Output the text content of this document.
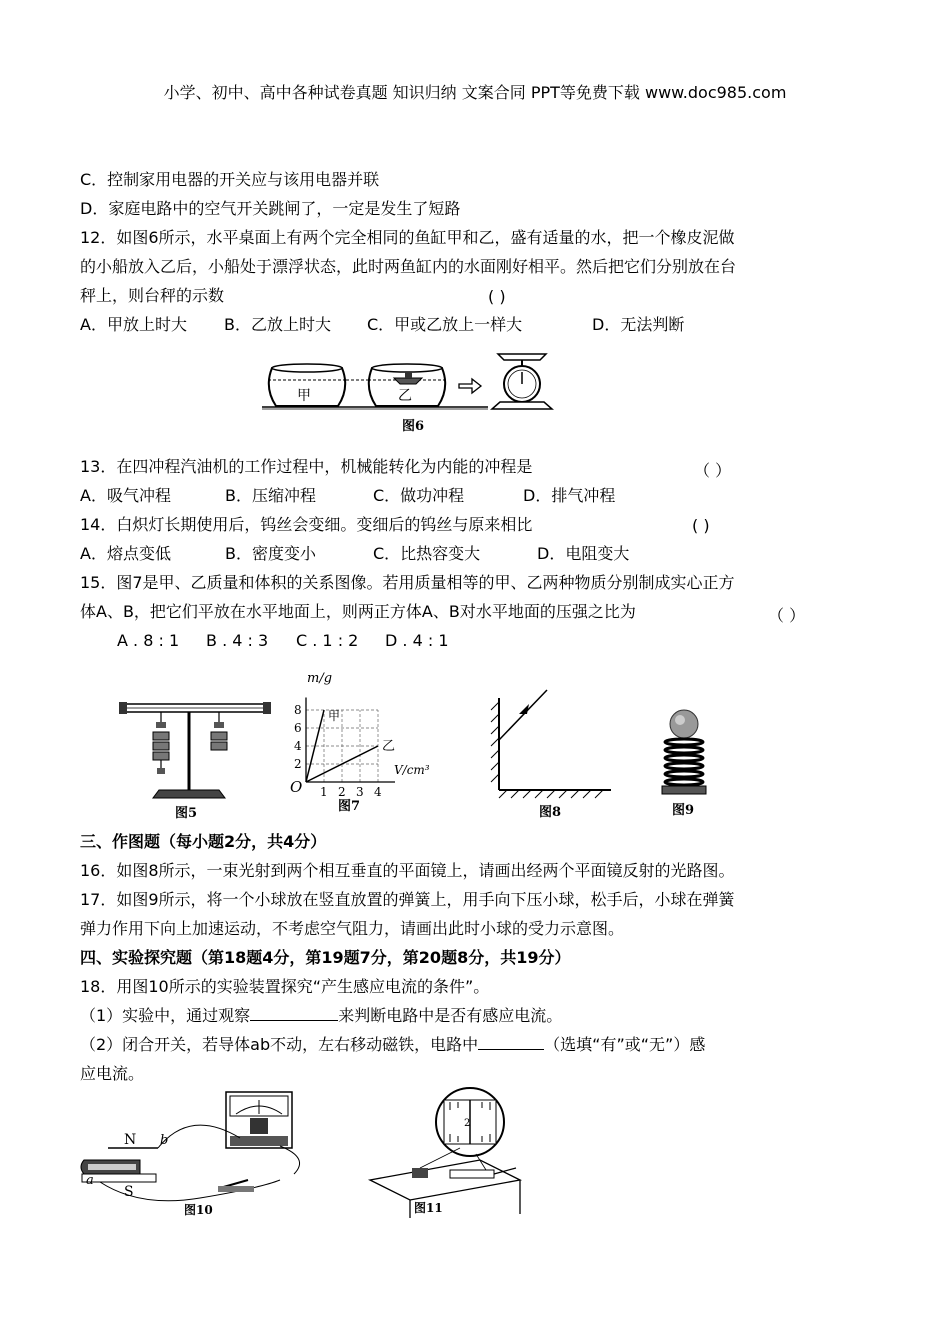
小学、初中、高中各种试卷真题 知识归纳 文案合同 PPT等免费下载 www.doc985.com
C．控制家用电器的开关应与该用电器并联
D．家庭电路中的空气开关跳闸了，一定是发生了短路
12．如图6所示，水平桌面上有两个完全相同的鱼缸甲和乙，盛有适量的水，把一个橡皮泥做
的小船放入乙后，小船处于漂浮状态，此时两鱼缸内的水面刚好相平。然后把它们分别放在台
秤上，则台秤的示数	( )
A．甲放上时大 B．乙放上时大 C．甲或乙放上一样大	D．无法判断
甲	乙
图6
13．在四冲程汽油机的工作过程中，机械能转化为内能的冲程是	（ ）
A．吸气冲程	B．压缩冲程	C．做功冲程	D．排气冲程
14．白炽灯长期使用后，钨丝会变细。变细后的钨丝与原来相比	( )
A．熔点变低	B．密度变小	C．比热容变大	D．电阻变大
15．图7是甲、乙质量和体积的关系图像。若用质量相等的甲、乙两种物质分别制成实心正方
体A、B，把它们平放在水平地面上，则两正方体A、B对水平地面的压强之比为	（ ）
A . 8 : 1 B . 4 : 3 C . 1 : 2 D . 4 : 1
图5
m/g
V/cm³
O 1 2 3 4
2
4
6
8 甲
乙
图7	图8	图9
三、作图题（每小题2分，共4分）
16．如图8所示，一束光射到两个相互垂直的平面镜上，请画出经两个平面镜反射的光路图。
17．如图9所示，将一个小球放在竖直放置的弹簧上，用手向下压小球，松手后，小球在弹簧
弹力作用下向上加速运动，不考虑空气阻力，请画出此时小球的受力示意图。
四、实验探究题（第18题4分，第19题7分，第20题8分，共19分）
18．用图10所示的实验装置探究“产生感应电流的条件”。
（1）实验中，通过观察	来判断电路中是否有感应电流。
（2）闭合开关，若导体ab不动，左右移动磁铁，电路中	（选填“有”或“无”）感
应电流。
N
S
a
b
图10
2
图11
